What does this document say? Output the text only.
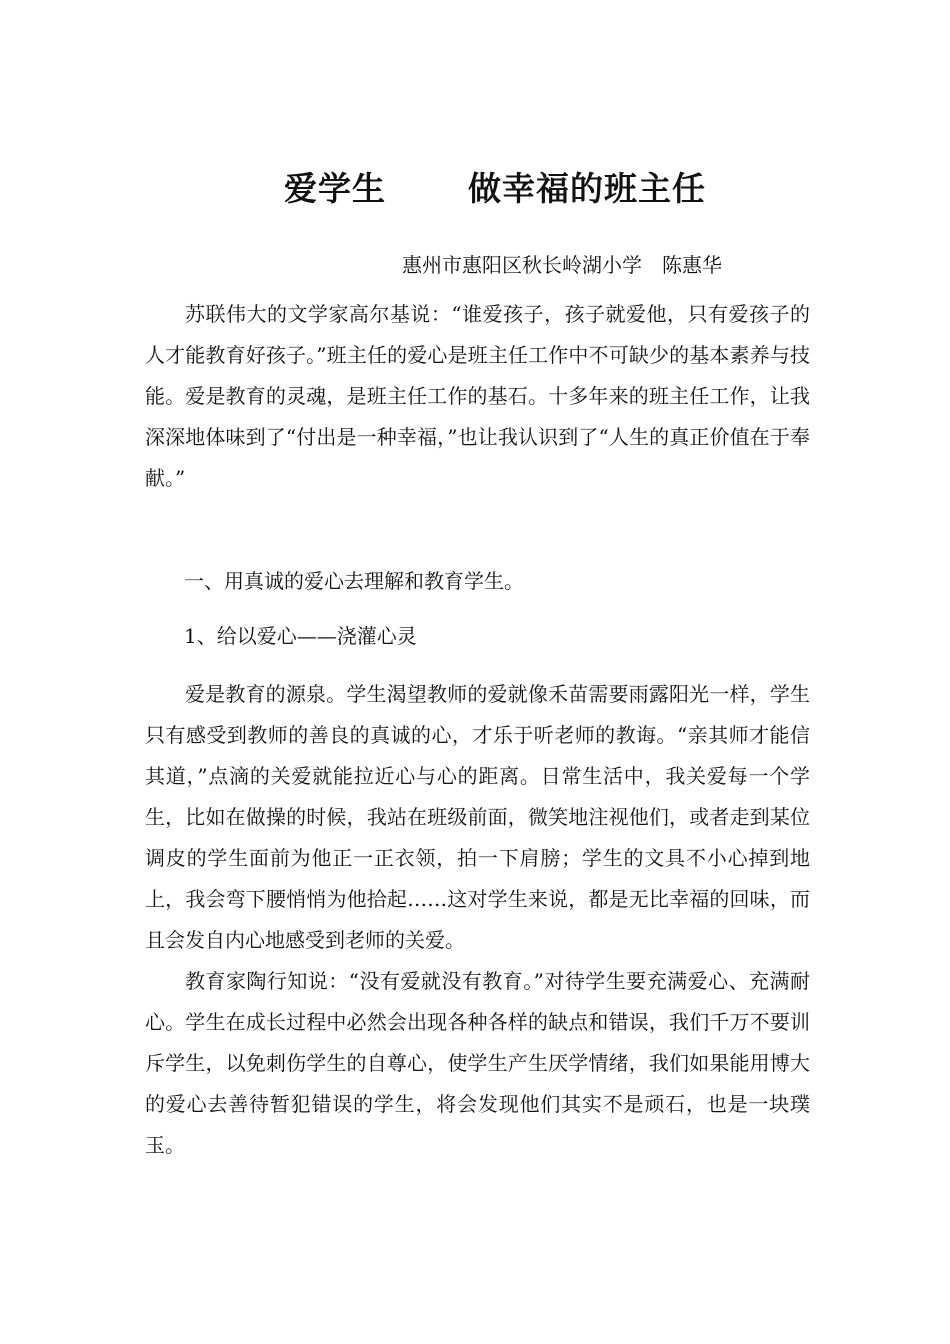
爱学生 做幸福的班主任
惠州市惠阳区秋长岭湖小学　陈惠华

苏联伟大的文学家高尔基说：“谁爱孩子，孩子就爱他，只有爱孩子的人才能教育好孩子。”班主任的爱心是班主任工作中不可缺少的基本素养与技能。爱是教育的灵魂，是班主任工作的基石。十多年来的班主任工作，让我深深地体味到了“付出是一种幸福，”也让我认识到了“人生的真正价值在于奉献。”

一、用真诚的爱心去理解和教育学生。
1、给以爱心——浇灌心灵

爱是教育的源泉。学生渴望教师的爱就像禾苗需要雨露阳光一样，学生只有感受到教师的善良的真诚的心，才乐于听老师的教诲。“亲其师才能信其道，”点滴的关爱就能拉近心与心的距离。日常生活中，我关爱每一个学生，比如在做操的时候，我站在班级前面，微笑地注视他们，或者走到某位调皮的学生面前为他正一正衣领，拍一下肩膀；学生的文具不小心掉到地上，我会弯下腰悄悄为他拾起……这对学生来说，都是无比幸福的回味，而且会发自内心地感受到老师的关爱。

教育家陶行知说：“没有爱就没有教育。”对待学生要充满爱心、充满耐心。学生在成长过程中必然会出现各种各样的缺点和错误，我们千万不要训斥学生，以免刺伤学生的自尊心，使学生产生厌学情绪，我们如果能用博大的爱心去善待暂犯错误的学生，将会发现他们其实不是顽石，也是一块璞玉。
